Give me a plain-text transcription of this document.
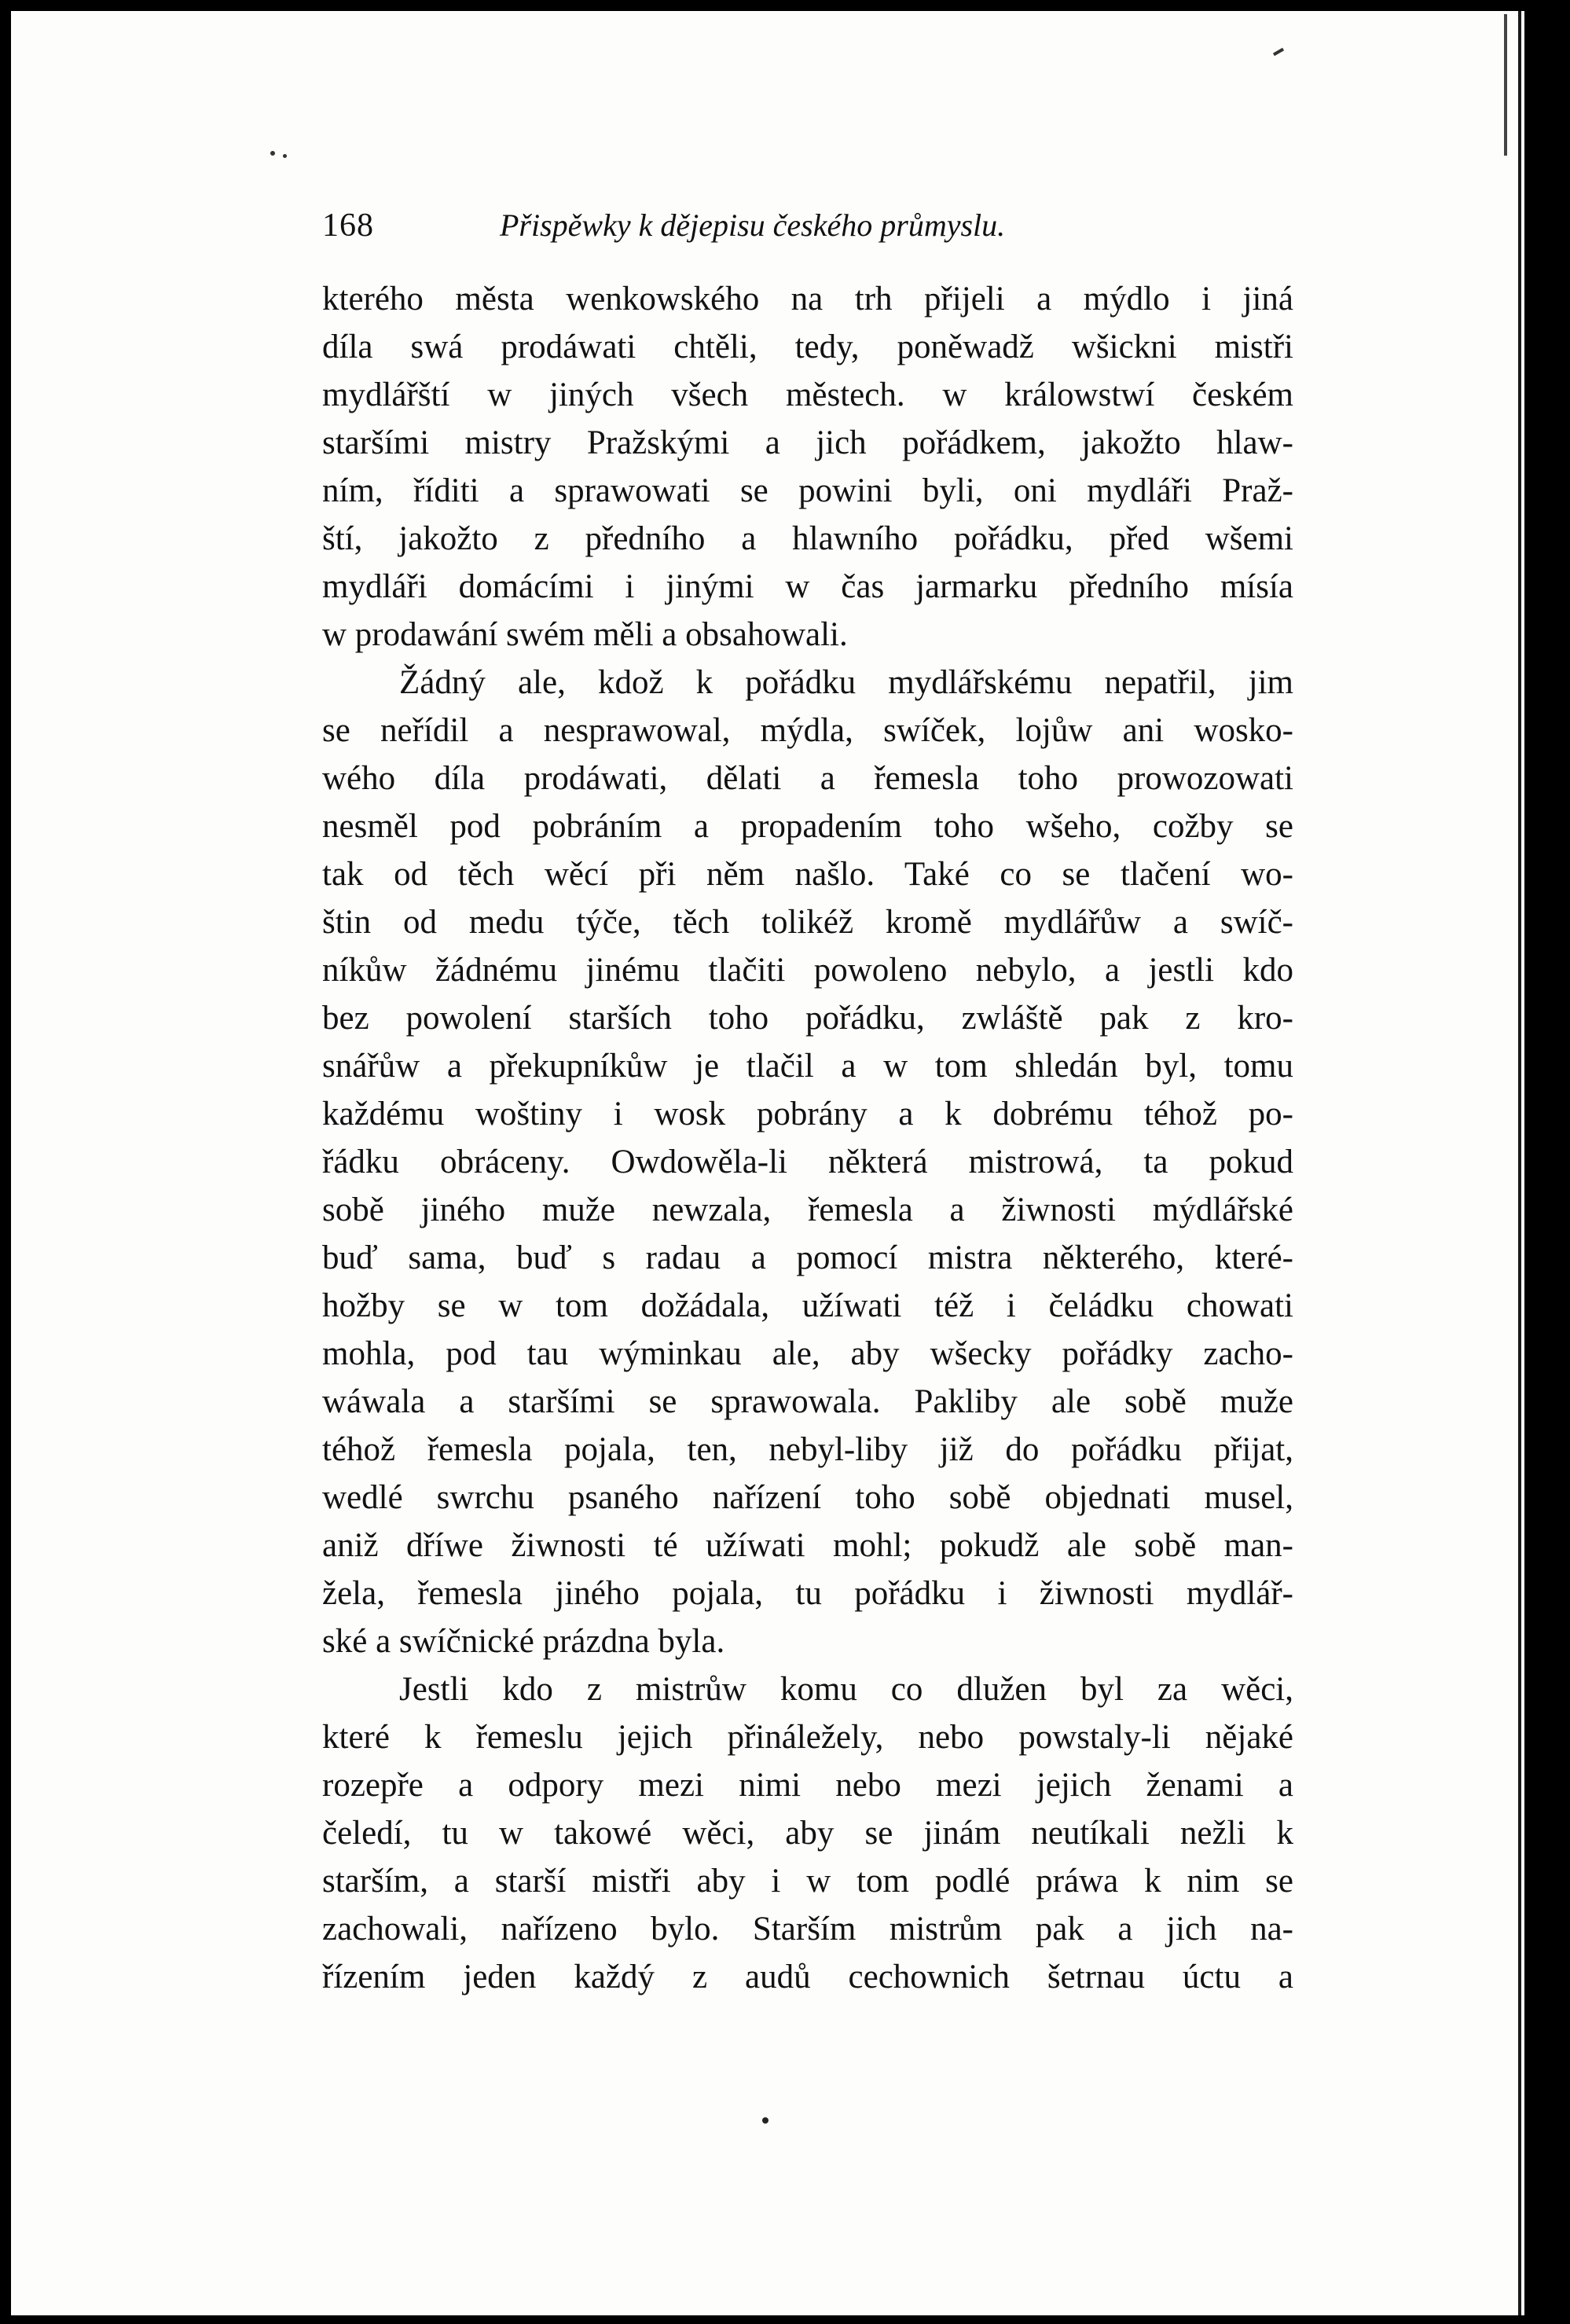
168	Přispěwky k dějepisu českého průmyslu.
kterého města wenkowského na trh přijeli a mýdlo i jiná
díla swá prodáwati chtěli, tedy, poněwadž wšickni mistři
mydlářští w jiných všech městech. w králowstwí českém
staršími mistry Pražskými a jich pořádkem, jakožto hlaw-
ním, říditi a sprawowati se powini byli, oni mydláři Praž-
ští, jakožto z předního a hlawního pořádku, před wšemi
mydláři domácími i jinými w čas jarmarku předního mísía
w prodawání swém měli a obsahowali.
Žádný ale, kdož k pořádku mydlářskému nepatřil, jim
se neřídil a nesprawowal, mýdla, swíček, lojůw ani wosko-
wého díla prodáwati, dělati a řemesla toho prowozowati
nesměl pod pobráním a propadením toho wšeho, cožby se
tak od těch wěcí při něm našlo. Také co se tlačení wo-
štin od medu týče, těch tolikéž kromě mydlářůw a swíč-
níkůw žádnému jinému tlačiti powoleno nebylo, a jestli kdo
bez powolení starších toho pořádku, zwláště pak z kro-
snářůw a překupníkůw je tlačil a w tom shledán byl, tomu
každému woštiny i wosk pobrány a k dobrému téhož po-
řádku obráceny. Owdowěla-li některá mistrowá, ta pokud
sobě jiného muže newzala, řemesla a žiwnosti mýdlářské
buď sama, buď s radau a pomocí mistra některého, které-
hožby se w tom dožádala, užíwati též i čeládku chowati
mohla, pod tau wýminkau ale, aby wšecky pořádky zacho-
wáwala a staršími se sprawowala. Pakliby ale sobě muže
téhož řemesla pojala, ten, nebyl-liby již do pořádku přijat,
wedlé swrchu psaného nařízení toho sobě objednati musel,
aniž dříwe žiwnosti té užíwati mohl; pokudž ale sobě man-
žela, řemesla jiného pojala, tu pořádku i žiwnosti mydlář-
ské a swíčnické prázdna byla.
Jestli kdo z mistrůw komu co dlužen byl za wěci,
které k řemeslu jejich přináležely, nebo powstaly-li nějaké
rozepře a odpory mezi nimi nebo mezi jejich ženami a
čeledí, tu w takowé wěci, aby se jinám neutíkali nežli k
starším, a starší mistři aby i w tom podlé práwa k nim se
zachowali, nařízeno bylo. Starším mistrům pak a jich na-
řízením jeden každý z audů cechownich šetrnau úctu a
